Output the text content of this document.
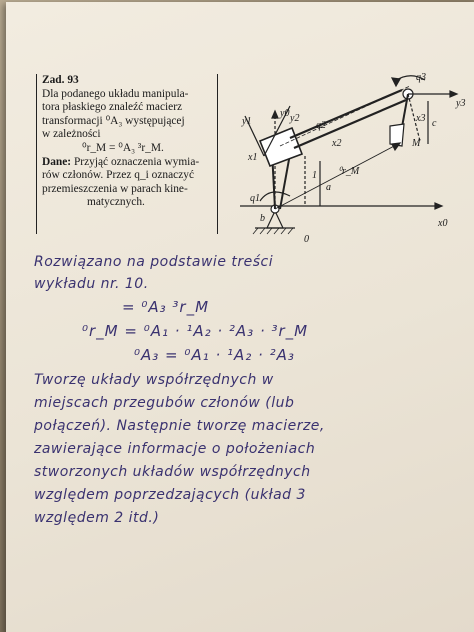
Zad. 93
Dla podanego układu manipula-
tora płaskiego znaleźć macierz
transformacji ⁰A₃ występującej
w zależności
⁰r_M = ⁰A₃ ³r_M.
Dane: Przyjąć oznaczenia wymia-
rów członów. Przez q_i oznaczyć
przemieszczenia w parach kine-
matycznych.
q3
y3
x3 c
M
q2
y2
x2
1
a
y1
x1
q1
x0
y0
0
⁰r_M
b
Rozwiązano na podstawie treści
wykładu nr. 10.
= ⁰A₃ ³r_M
⁰r_M = ⁰A₁ · ¹A₂ · ²A₃ · ³r_M
⁰A₃ = ⁰A₁ · ¹A₂ · ²A₃
Tworzę układy współrzędnych w
miejscach przegubów członów (lub
połączeń). Następnie tworzę macierze,
zawierające informacje o położeniach
stworzonych układów współrzędnych
względem poprzedzających (układ 3
względem 2 itd.)
